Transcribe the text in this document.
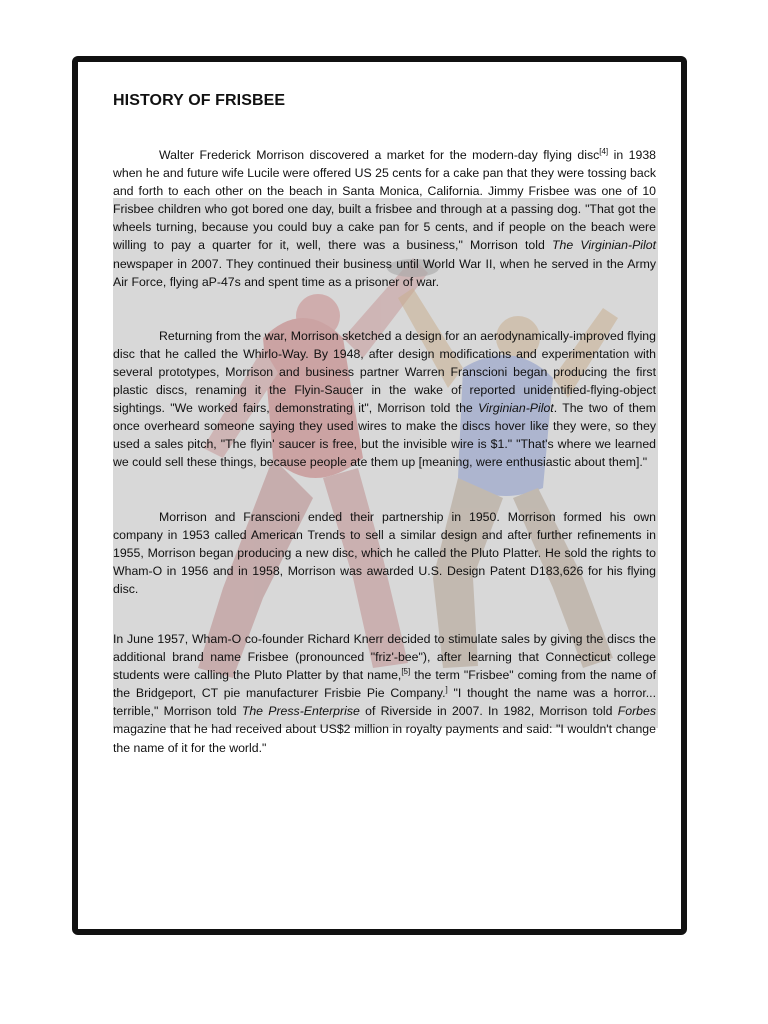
HISTORY OF FRISBEE

Walter Frederick Morrison discovered a market for the modern-day flying disc[4] in 1938 when he and future wife Lucile were offered US 25 cents for a cake pan that they were tossing back and forth to each other on the beach in Santa Monica, California. Jimmy Frisbee was one of 10 Frisbee children who got bored one day, built a frisbee and through at a passing dog. "That got the wheels turning, because you could buy a cake pan for 5 cents, and if people on the beach were willing to pay a quarter for it, well, there was a business," Morrison told The Virginian-Pilot newspaper in 2007. They continued their business until World War II, when he served in the Army Air Force, flying aP-47s and spent time as a prisoner of war.

Returning from the war, Morrison sketched a design for an aerodynamically-improved flying disc that he called the Whirlo-Way. By 1948, after design modifications and experimentation with several prototypes, Morrison and business partner Warren Franscioni began producing the first plastic discs, renaming it the Flyin-Saucer in the wake of reported unidentified-flying-object sightings. "We worked fairs, demonstrating it", Morrison told the Virginian-Pilot. The two of them once overheard someone saying they used wires to make the discs hover like they were, so they used a sales pitch, "The flyin' saucer is free, but the invisible wire is $1." "That's where we learned we could sell these things, because people ate them up [meaning, were enthusiastic about them]."

Morrison and Franscioni ended their partnership in 1950. Morrison formed his own company in 1953 called American Trends to sell a similar design and after further refinements in 1955, Morrison began producing a new disc, which he called the Pluto Platter. He sold the rights to Wham-O in 1956 and in 1958, Morrison was awarded U.S. Design Patent D183,626 for his flying disc.

In June 1957, Wham-O co-founder Richard Knerr decided to stimulate sales by giving the discs the additional brand name Frisbee (pronounced "friz'-bee"), after learning that Connecticut college students were calling the Pluto Platter by that name,[5] the term "Frisbee" coming from the name of the Bridgeport, CT pie manufacturer Frisbie Pie Company.] "I thought the name was a horror... terrible," Morrison told The Press-Enterprise of Riverside in 2007. In 1982, Morrison told Forbes magazine that he had received about US$2 million in royalty payments and said: "I wouldn't change the name of it for the world."
